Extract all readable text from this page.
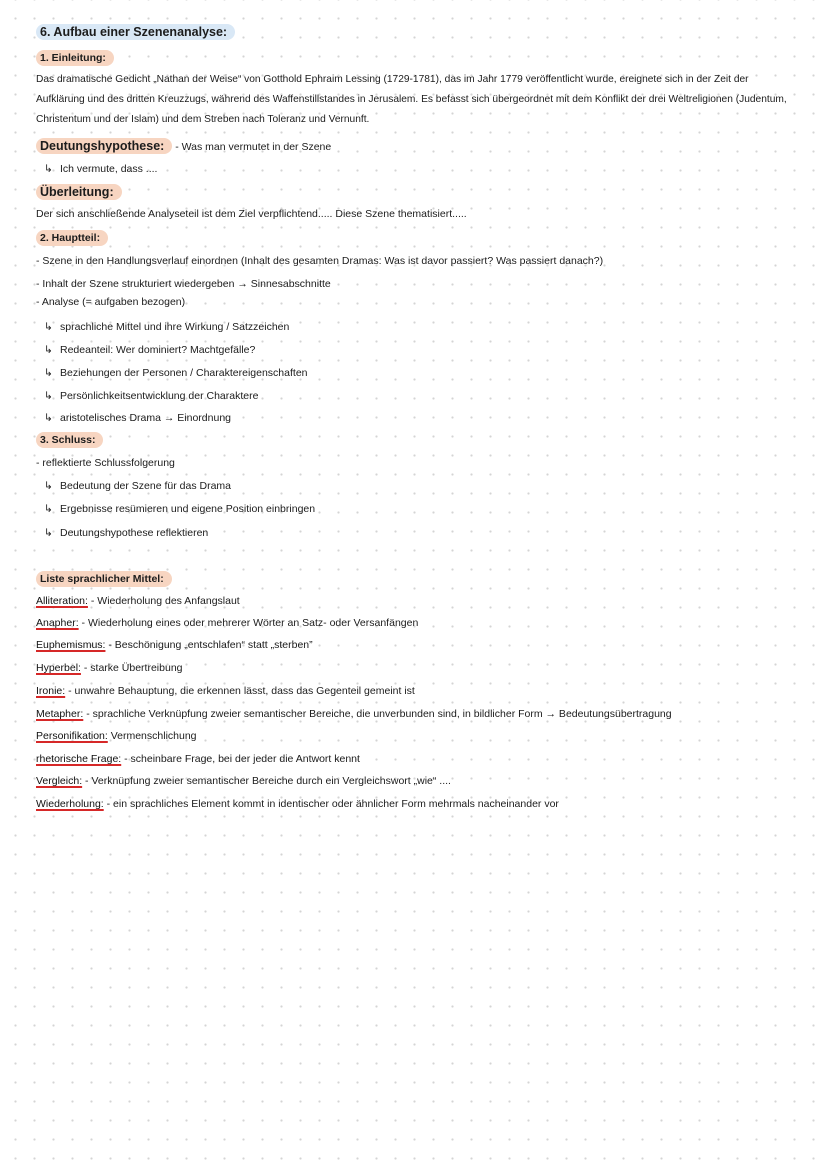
6. Aufbau einer Szenenanalyse:
1. Einleitung:
Das dramatische Gedicht „Nathan der Weise“ von Gotthold Ephraim Lessing (1729-1781), das im Jahr 1779 veröffentlicht wurde, ereignete sich in der Zeit der Aufklärung und des dritten Kreuzzugs, während des Waffenstillstandes in Jerusalem. Es befasst sich übergeordnet mit dem Konflikt der drei Weltreligionen (Judentum, Christentum und der Islam) und dem Streben nach Toleranz und Vernunft.
Deutungshypothese: - Was man vermutet in der Szene
↳ Ich vermute, dass ....
Überleitung:
Der sich anschließende Analyseteil ist dem Ziel verpflichtend..... Diese Szene thematisiert.....
2. Hauptteil:
- Szene in den Handlungsverlauf einordnen (Inhalt des gesamten Dramas: Was ist davor passiert? Was passiert danach?)
- Inhalt der Szene strukturiert wiedergeben → Sinnesabschnitte
- Analyse (= aufgaben bezogen)
↳ sprachliche Mittel und ihre Wirkung / Satzzeichen
↳ Redeanteil: Wer dominiert? Machtgefälle?
↳ Beziehungen der Personen / Charaktereigenschaften
↳ Persönlichkeitsentwicklung der Charaktere
↳ aristotelisches Drama → Einordnung
3. Schluss:
- reflektierte Schlussfolgerung
↳ Bedeutung der Szene für das Drama
↳ Ergebnisse resümieren und eigene Position einbringen
↳ Deutungshypothese reflektieren
Liste sprachlicher Mittel:
Alliteration: - Wiederholung des Anfangslaut
Anapher: - Wiederholung eines oder mehrerer Wörter an Satz- oder Versanfängen
Euphemismus: - Beschönigung „entschlafen“ statt „sterben”
Hyperbel: - starke Übertreibung
Ironie: - unwahre Behauptung, die erkennen lässt, dass das Gegenteil gemeint ist
Metapher: - sprachliche Verknüpfung zweier semantischer Bereiche, die unverbunden sind, in bildlicher Form → Bedeutungsübertragung
Personifikation: Vermenschlichung
rhetorische Frage: - scheinbare Frage, bei der jeder die Antwort kennt
Vergleich: - Verknüpfung zweier semantischer Bereiche durch ein Vergleichswort „wie“ ....
Wiederholung: - ein sprachliches Element kommt in identischer oder ähnlicher Form mehrmals nacheinander vor
